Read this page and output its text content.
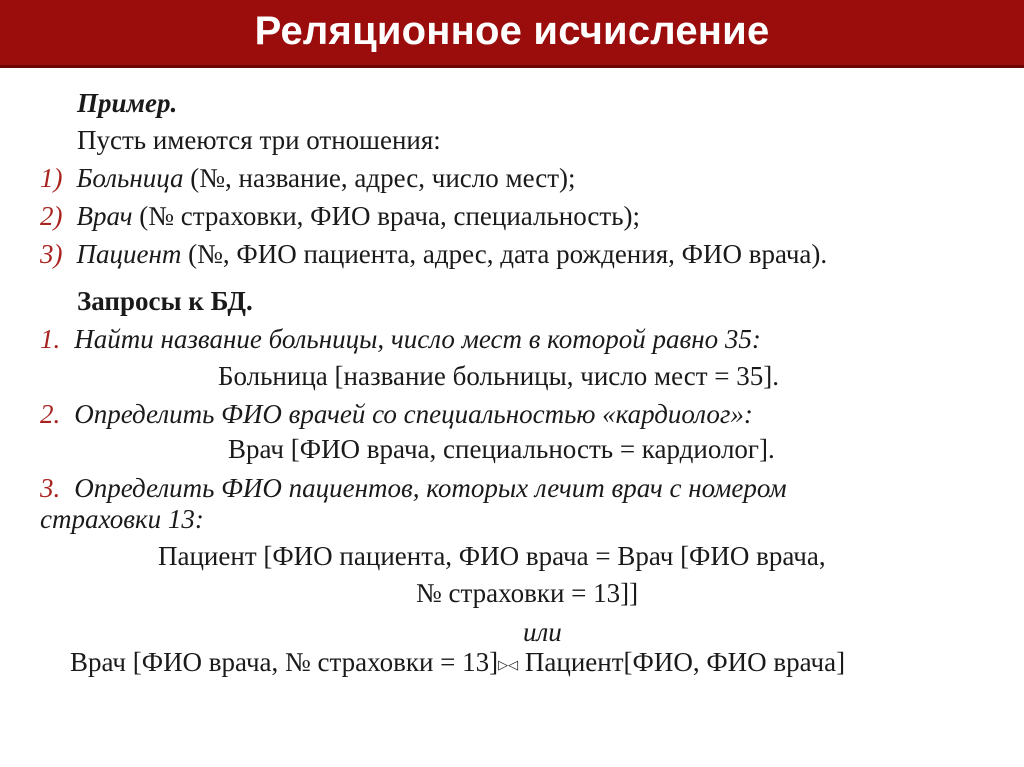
Реляционное исчисление
Пример.
Пусть имеются три отношения:
1) Больница (№, название, адрес, число мест);
2) Врач (№ страховки, ФИО врача, специальность);
3) Пациент (№, ФИО пациента, адрес, дата рождения, ФИО врача).
Запросы к БД.
1. Найти название больницы, число мест в которой равно 35:
Больница [название больницы, число мест = 35].
2. Определить ФИО врачей со специальностью «кардиолог»:
Врач [ФИО врача, специальность = кардиолог].
3. Определить ФИО пациентов, которых лечит врач с номером
страховки 13:
Пациент [ФИО пациента, ФИО врача = Врач [ФИО врача,
№ страховки = 13]]
или
Врач [ФИО врача, № страховки = 13]▷◁ Пациент[ФИО, ФИО врача]
